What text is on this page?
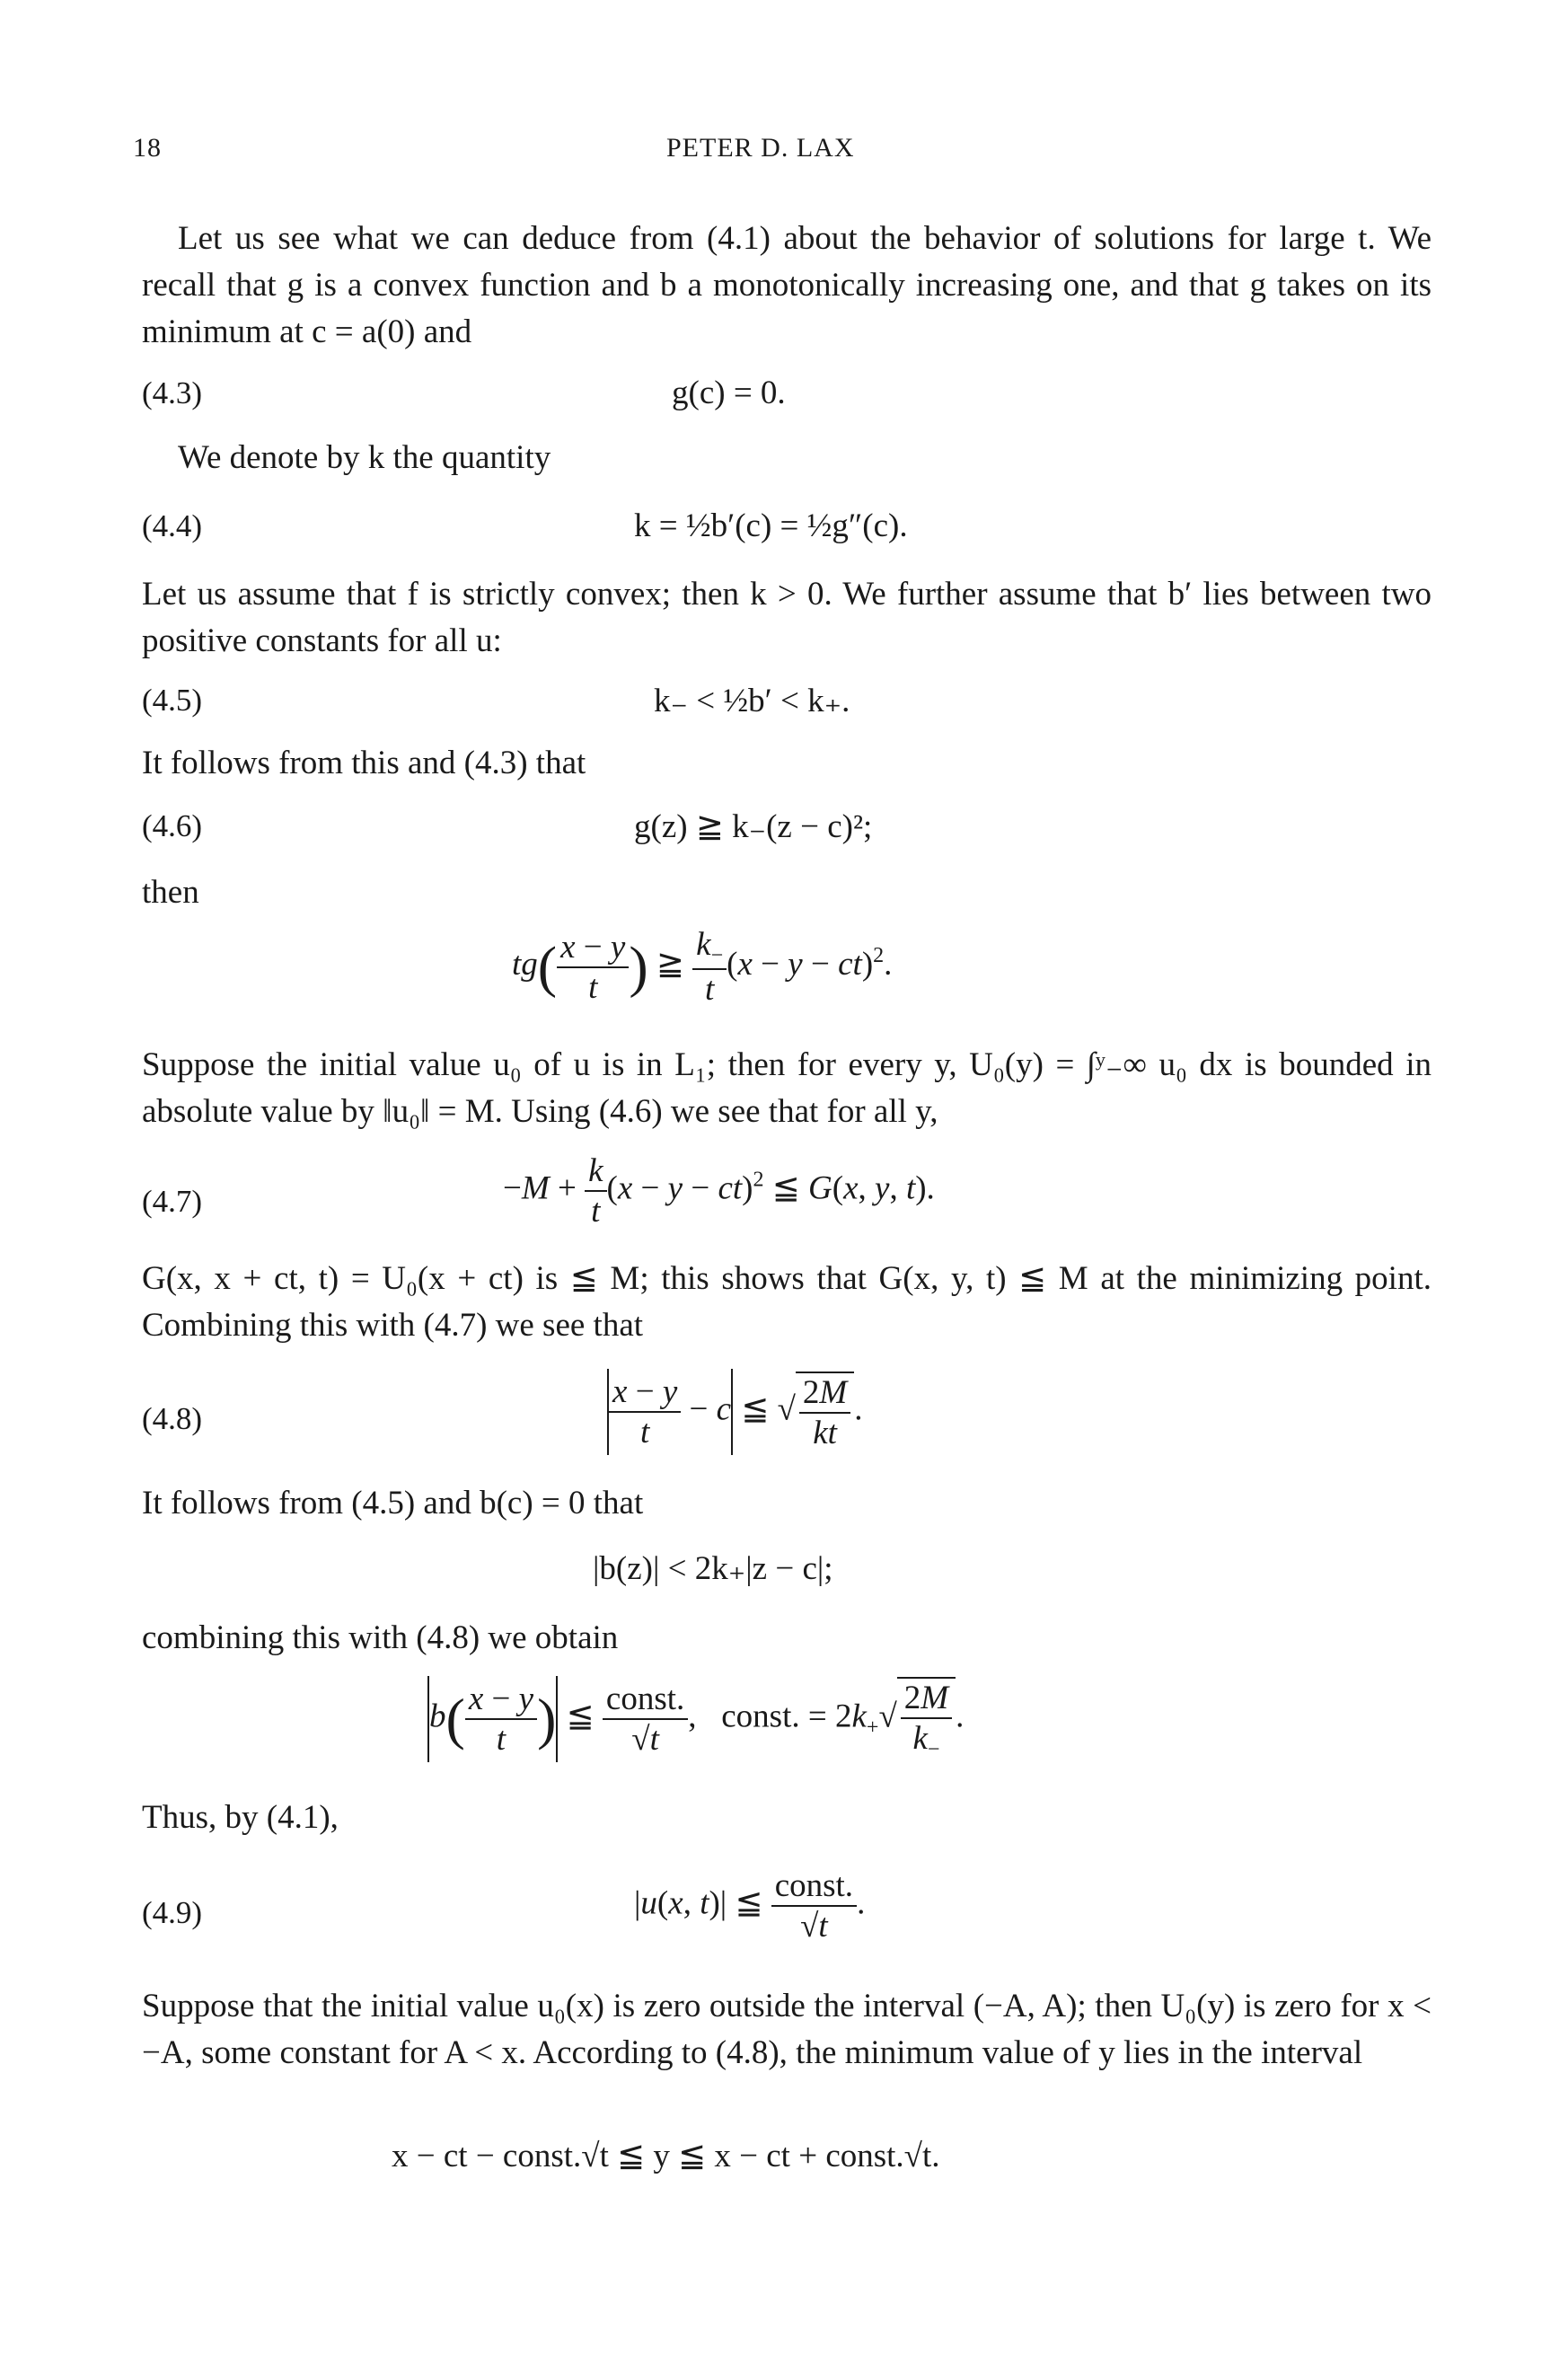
18	PETER D. LAX
Let us see what we can deduce from (4.1) about the behavior of solutions for large t. We recall that g is a convex function and b a monotonically increasing one, and that g takes on its minimum at c = a(0) and
(4.3)	g(c) = 0.
We denote by k the quantity
(4.4)	k = ½b′(c) = ½g″(c).
Let us assume that f is strictly convex; then k > 0. We further assume that b′ lies between two positive constants for all u:
(4.5)	k₋ < ½b′ < k₊.
It follows from this and (4.3) that
(4.6)	g(z) ≧ k₋(z − c)²;
then
$tg( \frac{x - y}{t}$ ) ≧ $\frac{k_-}{t} (x - y - ct)^2$.
Suppose the initial value u₀ of u is in L₁; then for every y, U₀(y) = ∫ʸ₋∞ u₀ dx is bounded in absolute value by ‖u₀‖ = M. Using (4.6) we see that for all y,
(4.7)	$-M + \frac{k}{t} (x - y - ct)^2$ ≦ G(x, y, t).
G(x, x + ct, t) = U₀(x + ct) is ≦ M; this shows that G(x, y, t) ≦ M at the minimizing point. Combining this with (4.7) we see that
(4.8)	$\frac{x - y}{t} - c$ ≦ √ $\frac{2M}{kt}$ .
It follows from (4.5) and b(c) = 0 that
|b(z)| < 2k₊|z − c|;
combining this with (4.8) we obtain
$b( \frac{x - y}{t}$ ) ≦ $\frac{\text{const.}}{√t}$ ,   const. = $2k_+√ \frac{2M}{k_-}$ .
Thus, by (4.1),
(4.9)	|u(x, t)| ≦ $\frac{\text{const.}}{√t}$ .
Suppose that the initial value u₀(x) is zero outside the interval (−A, A); then U₀(y) is zero for x < −A, some constant for A < x. According to (4.8), the minimum value of y lies in the interval
x − ct − const.√t ≦ y ≦ x − ct + const.√t.
